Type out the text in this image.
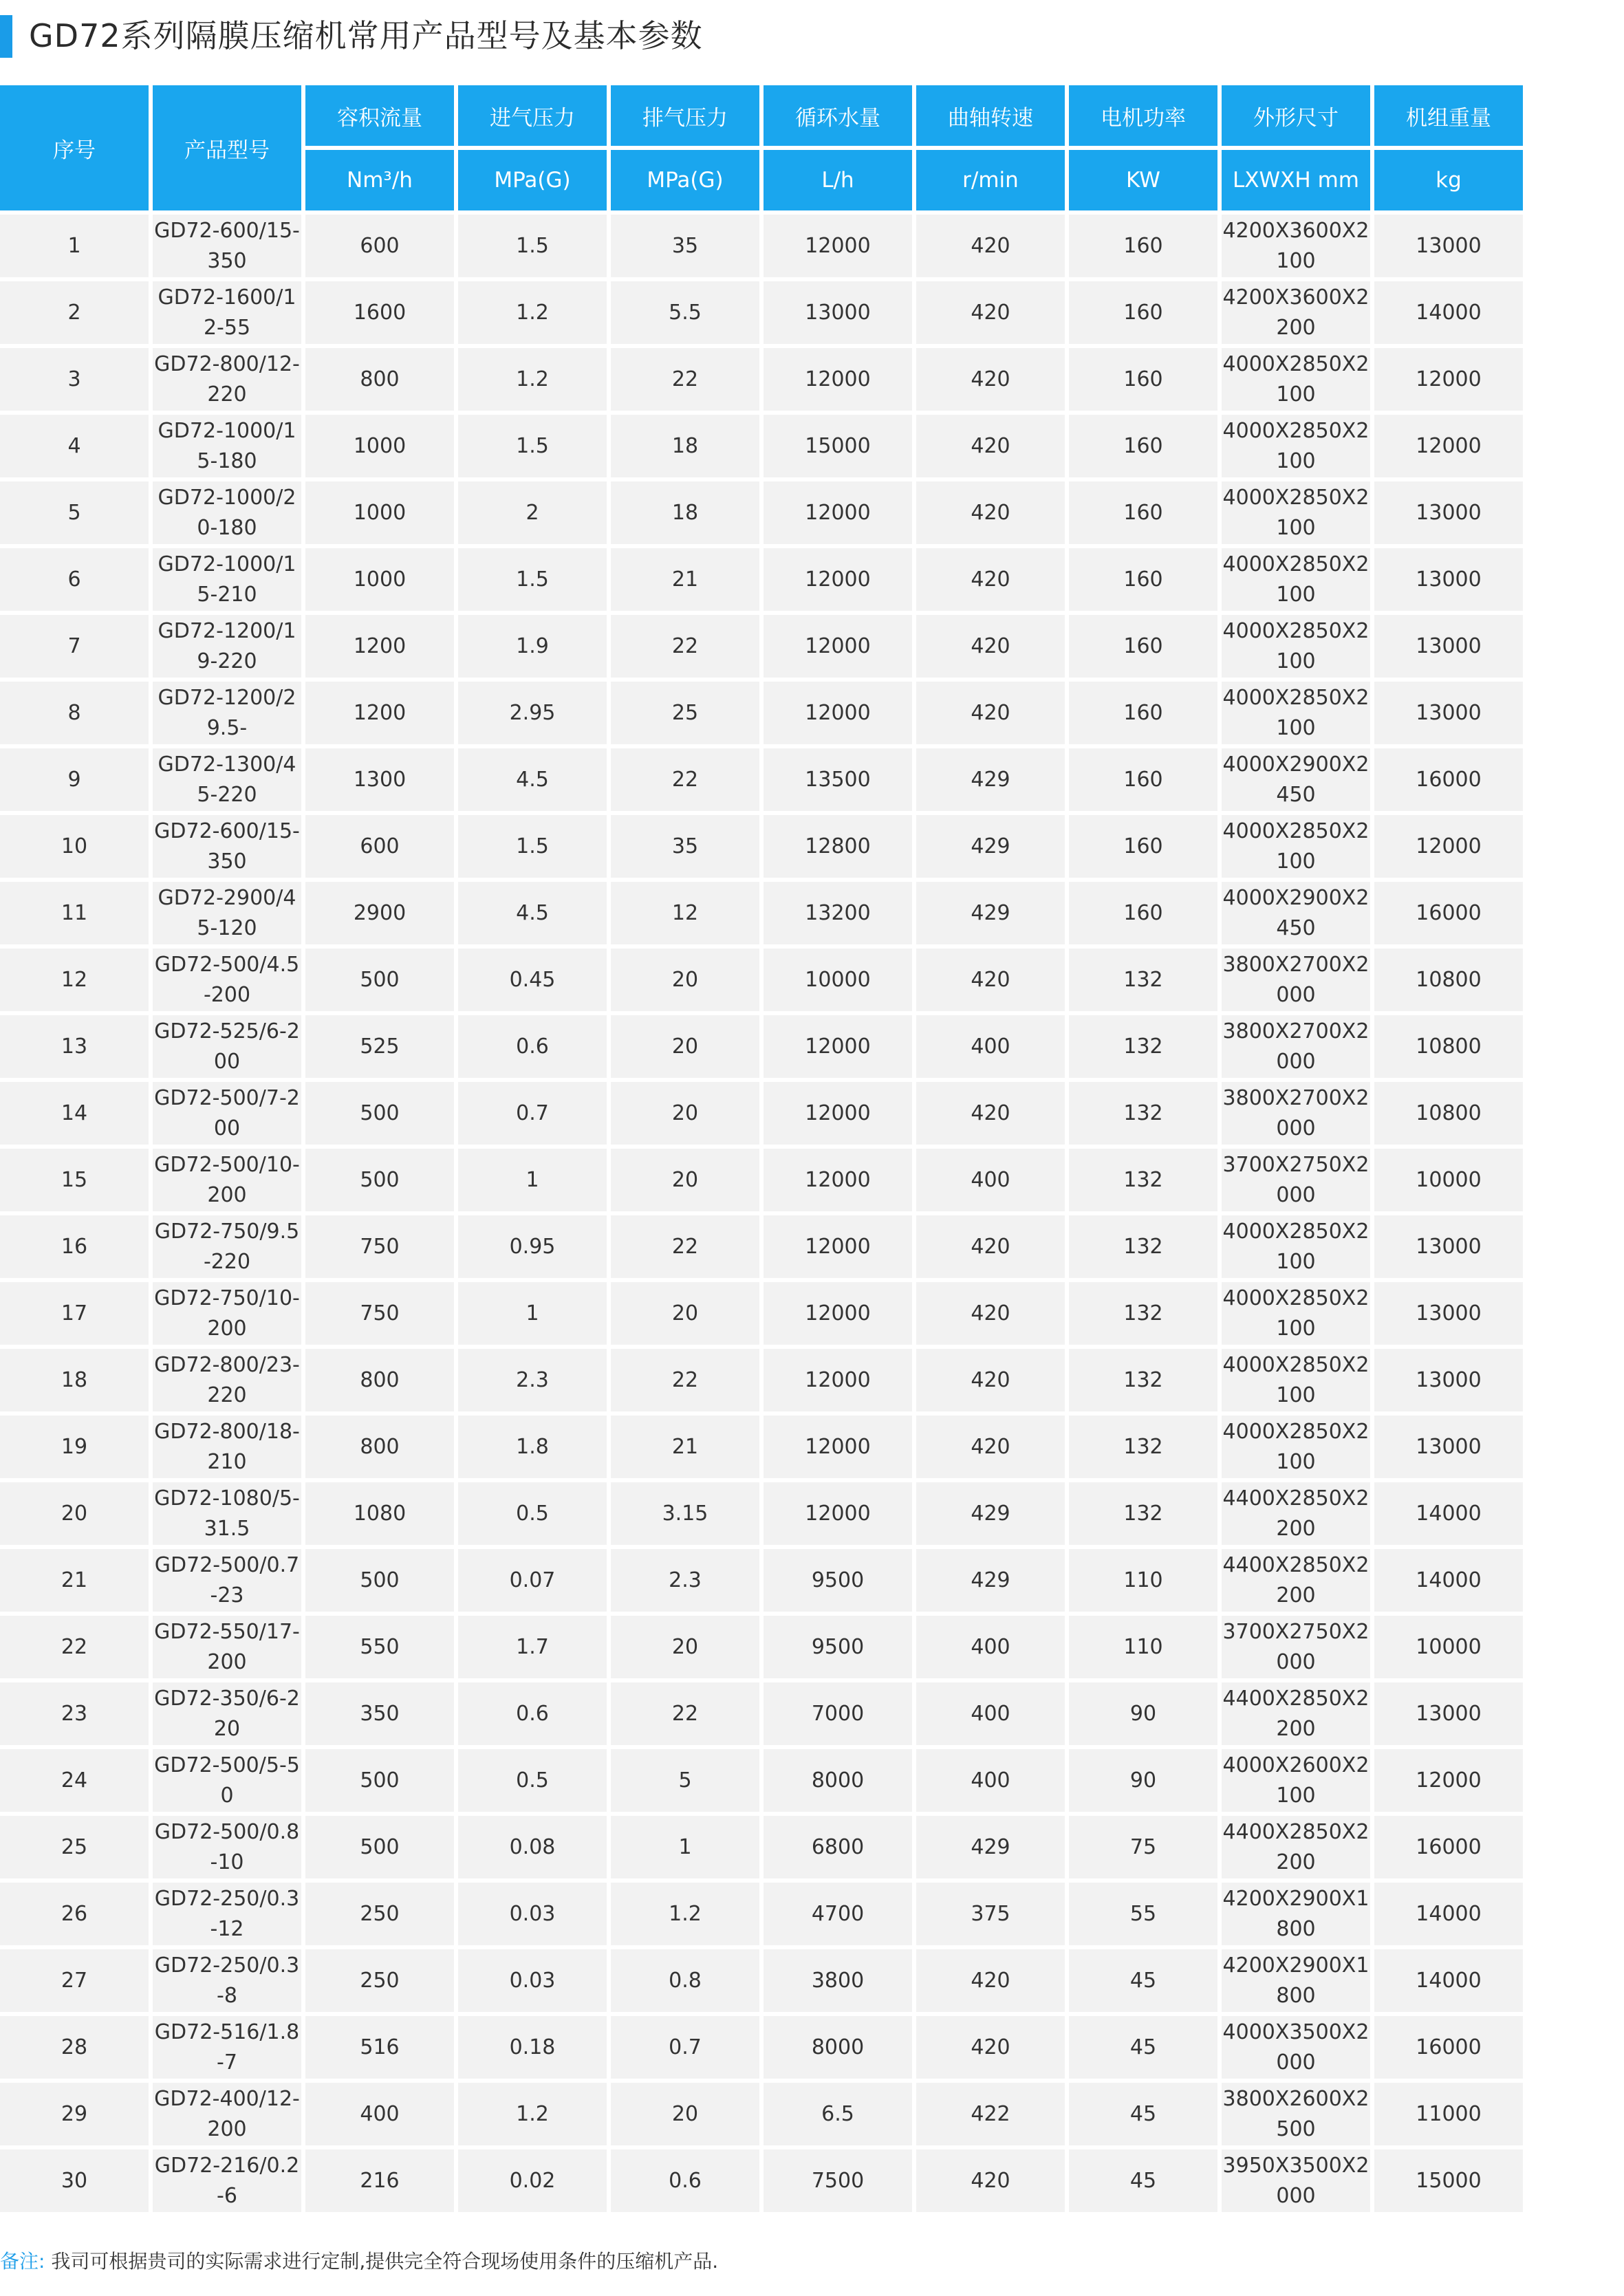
GD72系列隔膜压缩机常用产品型号及基本参数
序号	产品型号	容积流量	进气压力	排气压力	循环水量	曲轴转速	电机功率	外形尺寸	机组重量
		Nm³/h	MPa(G)	MPa(G)	L/h	r/min	KW	LXWXH mm	kg
1	GD72-600/15-350	600	1.5	35	12000	420	160	4200X3600X2100	13000
2	GD72-1600/12-55	1600	1.2	5.5	13000	420	160	4200X3600X2200	14000
3	GD72-800/12-220	800	1.2	22	12000	420	160	4000X2850X2100	12000
4	GD72-1000/15-180	1000	1.5	18	15000	420	160	4000X2850X2100	12000
5	GD72-1000/20-180	1000	2	18	12000	420	160	4000X2850X2100	13000
6	GD72-1000/15-210	1000	1.5	21	12000	420	160	4000X2850X2100	13000
7	GD72-1200/19-220	1200	1.9	22	12000	420	160	4000X2850X2100	13000
8	GD72-1200/29.5-	1200	2.95	25	12000	420	160	4000X2850X2100	13000
9	GD72-1300/45-220	1300	4.5	22	13500	429	160	4000X2900X2450	16000
10	GD72-600/15-350	600	1.5	35	12800	429	160	4000X2850X2100	12000
11	GD72-2900/45-120	2900	4.5	12	13200	429	160	4000X2900X2450	16000
12	GD72-500/4.5-200	500	0.45	20	10000	420	132	3800X2700X2000	10800
13	GD72-525/6-200	525	0.6	20	12000	400	132	3800X2700X2000	10800
14	GD72-500/7-200	500	0.7	20	12000	420	132	3800X2700X2000	10800
15	GD72-500/10-200	500	1	20	12000	400	132	3700X2750X2000	10000
16	GD72-750/9.5-220	750	0.95	22	12000	420	132	4000X2850X2100	13000
17	GD72-750/10-200	750	1	20	12000	420	132	4000X2850X2100	13000
18	GD72-800/23-220	800	2.3	22	12000	420	132	4000X2850X2100	13000
19	GD72-800/18-210	800	1.8	21	12000	420	132	4000X2850X2100	13000
20	GD72-1080/5-31.5	1080	0.5	3.15	12000	429	132	4400X2850X2200	14000
21	GD72-500/0.7-23	500	0.07	2.3	9500	429	110	4400X2850X2200	14000
22	GD72-550/17-200	550	1.7	20	9500	400	110	3700X2750X2000	10000
23	GD72-350/6-220	350	0.6	22	7000	400	90	4400X2850X2200	13000
24	GD72-500/5-50	500	0.5	5	8000	400	90	4000X2600X2100	12000
25	GD72-500/0.8-10	500	0.08	1	6800	429	75	4400X2850X2200	16000
26	GD72-250/0.3-12	250	0.03	1.2	4700	375	55	4200X2900X1800	14000
27	GD72-250/0.3-8	250	0.03	0.8	3800	420	45	4200X2900X1800	14000
28	GD72-516/1.8-7	516	0.18	0.7	8000	420	45	4000X3500X2000	16000
29	GD72-400/12-200	400	1.2	20	6.5	422	45	3800X2600X2500	11000
30	GD72-216/0.2-6	216	0.02	0.6	7500	420	45	3950X3500X2000	15000
备注: 我司可根据贵司的实际需求进行定制,提供完全符合现场使用条件的压缩机产品.
